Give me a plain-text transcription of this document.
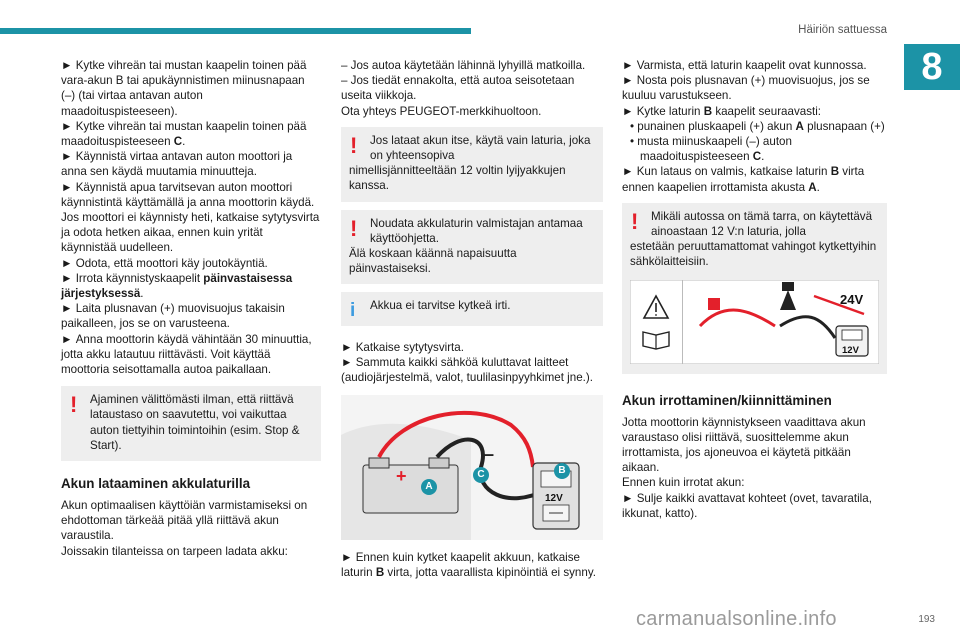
Häiriön sattuessa
8

► Kytke vihreän tai mustan kaapelin toinen pää vara-akun B tai apukäynnistimen miinusnapaan (–) (tai virtaa antavan auton maadoituspisteeseen).

► Kytke vihreän tai mustan kaapelin toinen pää maadoituspisteeseen C.

► Käynnistä virtaa antavan auton moottori ja anna sen käydä muutamia minuutteja.

► Käynnistä apua tarvitsevan auton moottori käynnistintä käyttämällä ja anna moottorin käydä.

Jos moottori ei käynnisty heti, katkaise sytytysvirta ja odota hetken aikaa, ennen kuin yrität käynnistää uudelleen.

► Odota, että moottori käy joutokäyntiä.

► Irrota käynnistyskaapelit päinvastaisessa järjestyksessä.

► Laita plusnavan (+) muovisuojus takaisin paikalleen, jos se on varusteena.

► Anna moottorin käydä vähintään 30 minuuttia, jotta akku latautuu riittävästi. Voit käyttää moottoria seisottamalla autoa paikallaan.

!	Ajaminen välittömästi ilman, että riittävä lataustaso on saavutettu, voi vaikuttaa auton tiettyihin toimintoihin (esim. Stop & Start).

Akun lataaminen akkulaturilla

Akun optimaalisen käyttöiän varmistamiseksi on ehdottoman tärkeää pitää yllä riittävä akun varaustila.

Joissakin tilanteissa on tarpeen ladata akku:

– Jos autoa käytetään lähinnä lyhyillä matkoilla.

– Jos tiedät ennakolta, että autoa seisotetaan useita viikkoja.

Ota yhteys PEUGEOT-merkkihuoltoon.

!	Jos lataat akun itse, käytä vain laturia, joka on yhteensopiva

nimellisjännitteeltään 12 voltin lyijyakkujen kanssa.

!	Noudata akkulaturin valmistajan antamaa käyttöohjetta.

Älä koskaan käännä napaisuutta päinvastaiseksi.

i	Akkua ei tarvitse kytkeä irti.

► Katkaise sytytysvirta.

► Sammuta kaikki sähköä kuluttavat laitteet (audiojärjestelmä, valot, tuulilasinpyyhkimet jne.).

+
–
A
B
C
12V

► Ennen kuin kytket kaapelit akkuun, katkaise laturin B virta, jotta vaarallista kipinöintiä ei synny.

► Varmista, että laturin kaapelit ovat kunnossa.

► Nosta pois plusnavan (+) muovisuojus, jos se kuuluu varustukseen.

► Kytke laturin B kaapelit seuraavasti:

• punainen pluskaapeli (+) akun A plusnapaan (+)

• musta miinuskaapeli (–) auton maadoituspisteeseen C.

► Kun lataus on valmis, katkaise laturin B virta ennen kaapelien irrottamista akusta A.

!	Mikäli autossa on tämä tarra, on käytettävä ainoastaan 12 V:n laturia, jolla

estetään peruuttamattomat vahingot kytkettyihin sähkölaitteisiin.

24V
12V
Akun irrottaminen/kiinnittäminen

Jotta moottorin käynnistykseen vaadittava akun varaustaso olisi riittävä, suosittelemme akun irrottamista, jos ajoneuvoa ei käytetä pitkään aikaan.

Ennen kuin irrotat akun:

► Sulje kaikki avattavat kohteet (ovet, tavaratila, ikkunat, katto).

carmanualsonline.info	193
